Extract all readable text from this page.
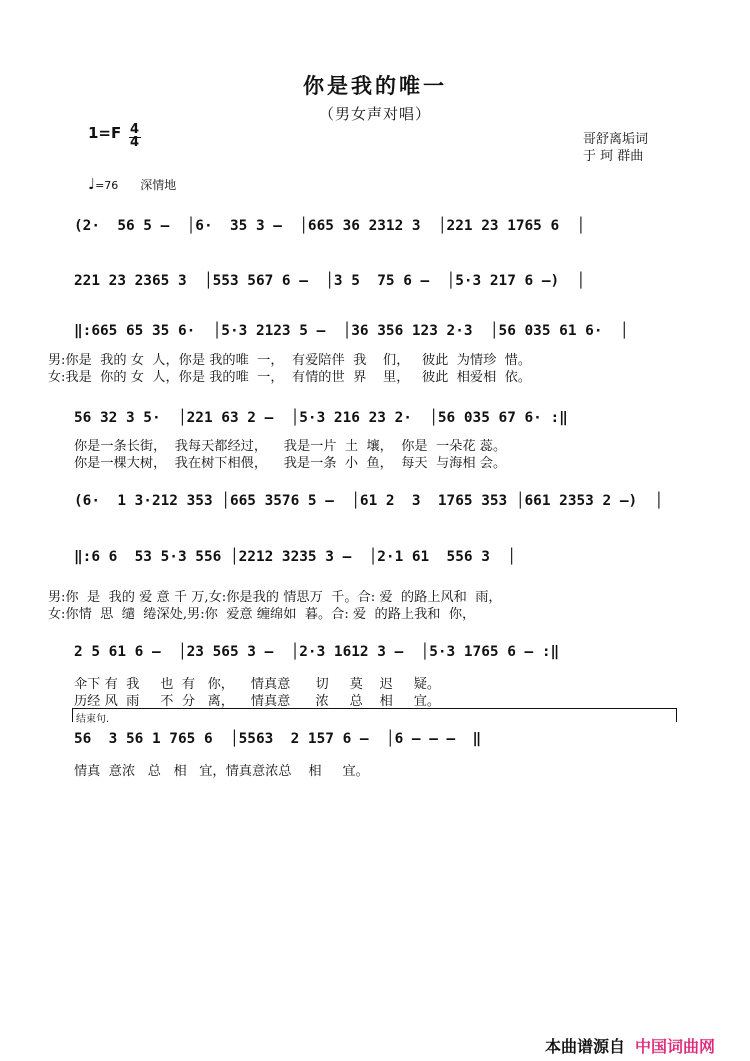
你是我的唯一
（男女声对唱）
1=F 4
4	哥舒离垢词
于 珂 群曲
♩=76 深情地
(2·  56 5 –  │6·  35 3 –  │665 36 2312 3  │221 23 1765 6  │
221 23 2365 3  │553 567 6 –  │3 5  75 6 –  │5·3 217 6 –)  │
‖:665 65 35 6·  │5·3 2123 5 –  │36 356 123 2·3  │56 035 61 6·  │
男:你是  我的 女  人，你是 我的唯  一，  有爱陪伴  我    们，   彼此  为情珍  惜。
女:我是  你的 女  人，你是 我的唯  一，  有情的世  界    里，   彼此  相爱相  依。
56 32 3 5·  │221 63 2 –  │5·3 216 23 2·  │56 035 67 6· :‖
你是一条长街，  我每天都经过，    我是一片  土  壤，  你是  一朵花 蕊。
你是一棵大树，  我在树下相偎，    我是一条  小  鱼，  每天  与海相 会。
(6·  1 3·212 353 │665 3576 5 –  │61 2  3  1765 353 │661 2353 2 –)  │
‖:6 6  53 5·3 556 │2212 3235 3 –  │2·1 61  556 3  │
男:你  是  我的 爱 意 千 万,女:你是我的 情思万  千。合: 爱  的路上风和  雨，
女:你情  思  缱  绻深处,男:你  爱意 缠绵如  暮。合: 爱  的路上我和  你，
2 5 61 6 –  │23 565 3 –  │2·3 1612 3 –  │5·3 1765 6 – :‖
伞下 有  我     也  有   你，    情真意      切     莫    迟     疑。
历经 风  雨     不  分   离，    情真意      浓     总    相     宜。
结束句.
56  3 56 1 765 6  │5563  2 157 6 –  │6 – – –  ‖
情真  意浓   总   相   宜，情真意浓总    相     宜。
本曲谱源自 中国词曲网
